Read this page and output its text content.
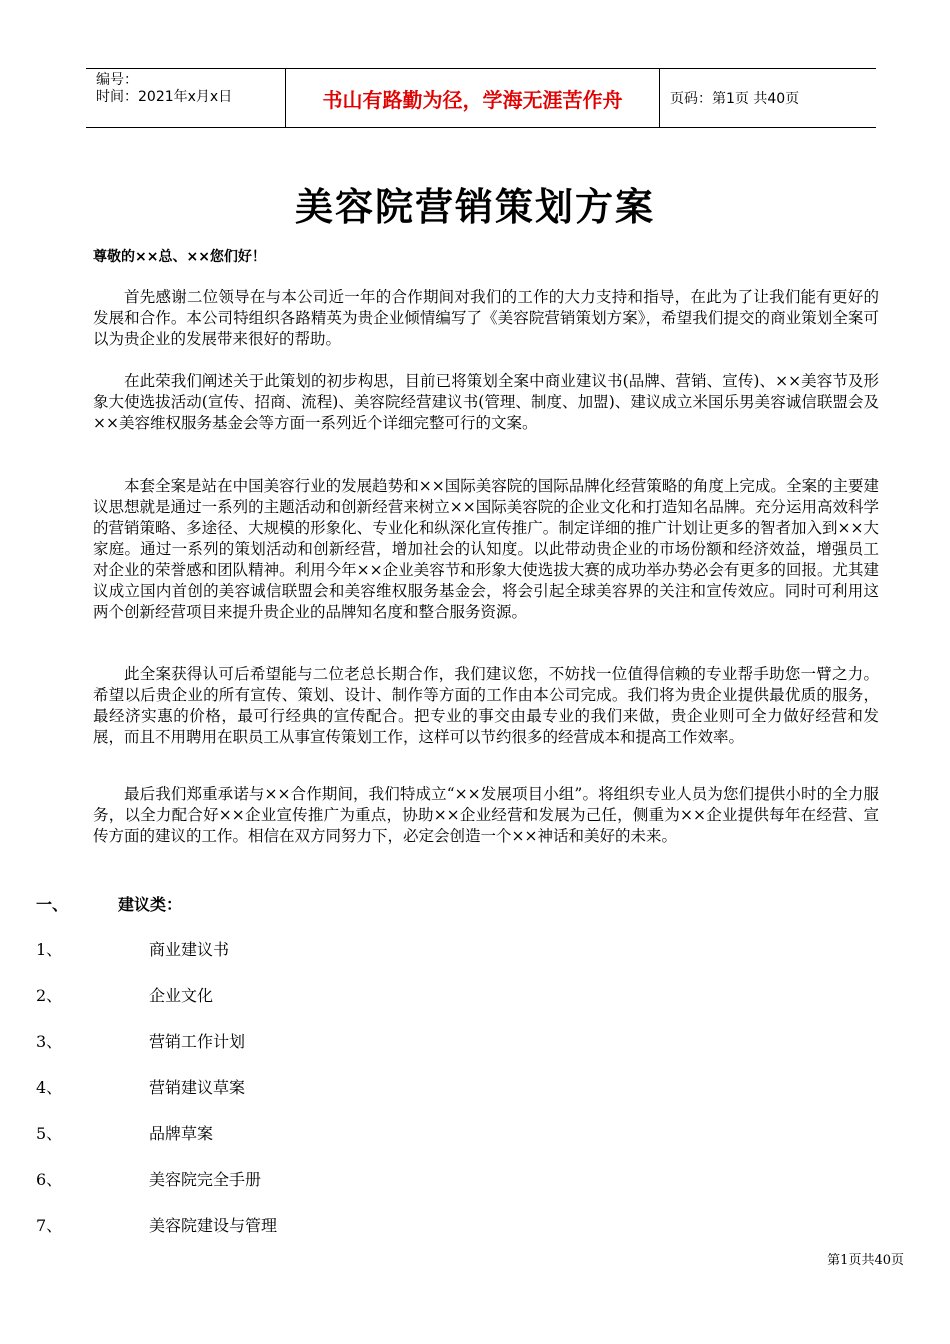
编号：
时间：2021年x月x日	书山有路勤为径，学海无涯苦作舟	页码：第1页 共40页
美容院营销策划方案
尊敬的××总、××您们好！

首先感谢二位领导在与本公司近一年的合作期间对我们的工作的大力支持和指导，在此为了让我们能有更好的发展和合作。本公司特组织各路精英为贵企业倾情编写了《美容院营销策划方案》，希望我们提交的商业策划全案可以为贵企业的发展带来很好的帮助。

在此荣我们阐述关于此策划的初步构思，目前已将策划全案中商业建议书(品牌、营销、宣传)、××美容节及形象大使选拔活动(宣传、招商、流程)、美容院经营建议书(管理、制度、加盟)、建议成立米国乐男美容诚信联盟会及××美容维权服务基金会等方面一系列近个详细完整可行的文案。

本套全案是站在中国美容行业的发展趋势和××国际美容院的国际品牌化经营策略的角度上完成。全案的主要建议思想就是通过一系列的主题活动和创新经营来树立××国际美容院的企业文化和打造知名品牌。充分运用高效科学的营销策略、多途径、大规模的形象化、专业化和纵深化宣传推广。制定详细的推广计划让更多的智者加入到××大家庭。通过一系列的策划活动和创新经营，增加社会的认知度。以此带动贵企业的市场份额和经济效益，增强员工对企业的荣誉感和团队精神。利用今年××企业美容节和形象大使选拔大赛的成功举办势必会有更多的回报。尤其建议成立国内首创的美容诚信联盟会和美容维权服务基金会，将会引起全球美容界的关注和宣传效应。同时可利用这两个创新经营项目来提升贵企业的品牌知名度和整合服务资源。

此全案获得认可后希望能与二位老总长期合作，我们建议您，不妨找一位值得信赖的专业帮手助您一臂之力。希望以后贵企业的所有宣传、策划、设计、制作等方面的工作由本公司完成。我们将为贵企业提供最优质的服务，最经济实惠的价格，最可行经典的宣传配合。把专业的事交由最专业的我们来做，贵企业则可全力做好经营和发展，而且不用聘用在职员工从事宣传策划工作，这样可以节约很多的经营成本和提高工作效率。

最后我们郑重承诺与××合作期间，我们特成立“××发展项目小组”。将组织专业人员为您们提供小时的全力服务，以全力配合好××企业宣传推广为重点，协助××企业经营和发展为己任，侧重为××企业提供每年在经营、宣传方面的建议的工作。相信在双方同努力下，必定会创造一个××神话和美好的未来。

一、	建议类：
1、	商业建议书
2、	企业文化
3、	营销工作计划
4、	营销建议草案
5、	品牌草案
6、	美容院完全手册
7、	美容院建设与管理
第1页共40页
